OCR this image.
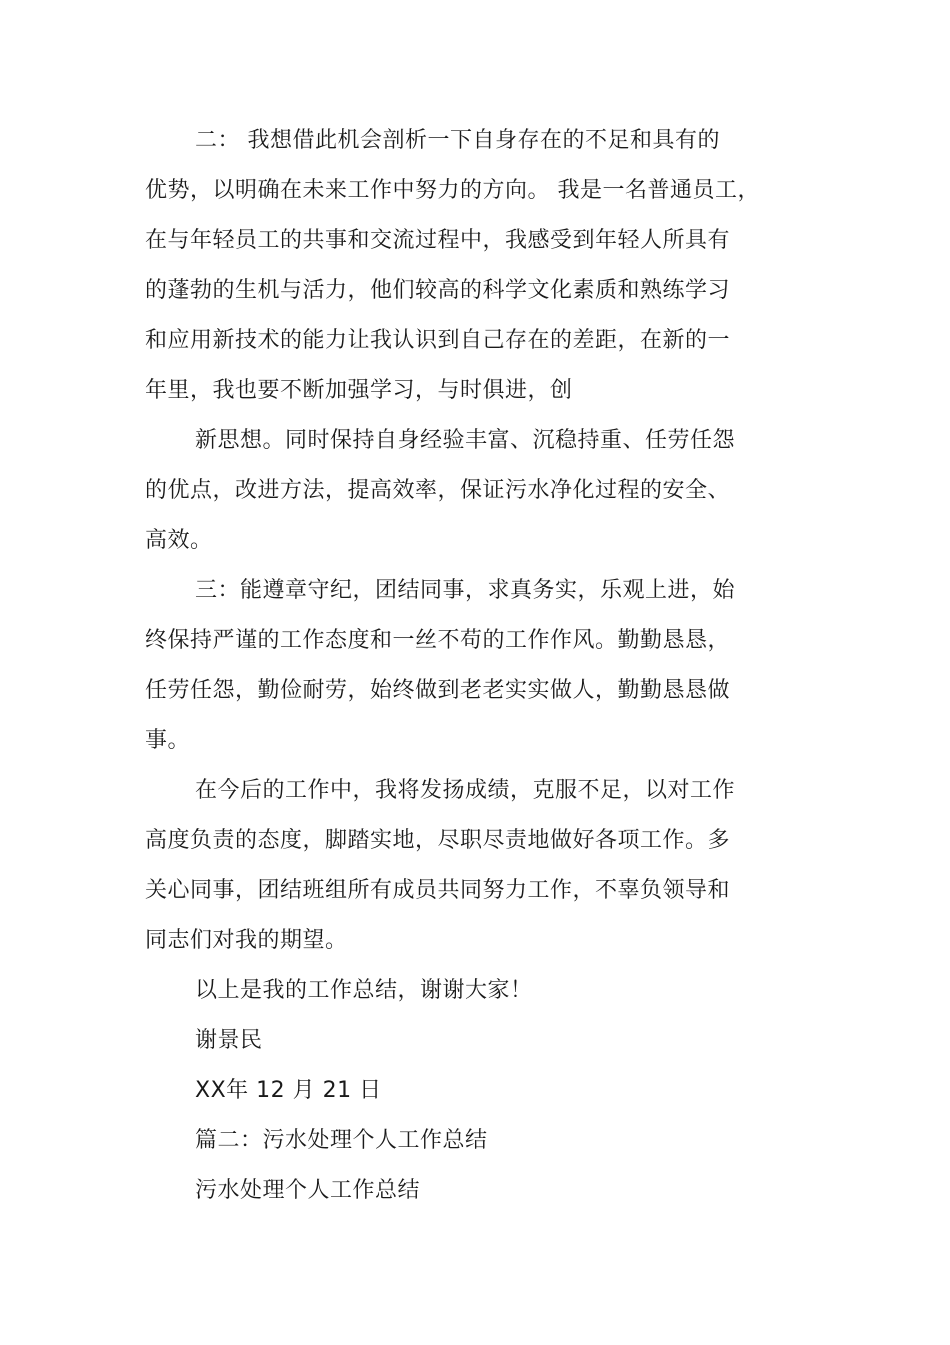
二： 我想借此机会剖析一下自身存在的不足和具有的
优势，以明确在未来工作中努力的方向。 我是一名普通员工，
在与年轻员工的共事和交流过程中，我感受到年轻人所具有
的蓬勃的生机与活力，他们较高的科学文化素质和熟练学习
和应用新技术的能力让我认识到自己存在的差距，在新的一
年里，我也要不断加强学习，与时俱进，创
新思想。同时保持自身经验丰富、沉稳持重、任劳任怨
的优点，改进方法，提高效率，保证污水净化过程的安全、
高效。
三：能遵章守纪，团结同事，求真务实，乐观上进，始
终保持严谨的工作态度和一丝不苟的工作作风。勤勤恳恳，
任劳任怨，勤俭耐劳，始终做到老老实实做人，勤勤恳恳做
事。
在今后的工作中，我将发扬成绩，克服不足，以对工作
高度负责的态度，脚踏实地，尽职尽责地做好各项工作。多
关心同事，团结班组所有成员共同努力工作，不辜负领导和
同志们对我的期望。
以上是我的工作总结，谢谢大家！
谢景民
XX年 12 月 21 日
篇二：污水处理个人工作总结
污水处理个人工作总结
